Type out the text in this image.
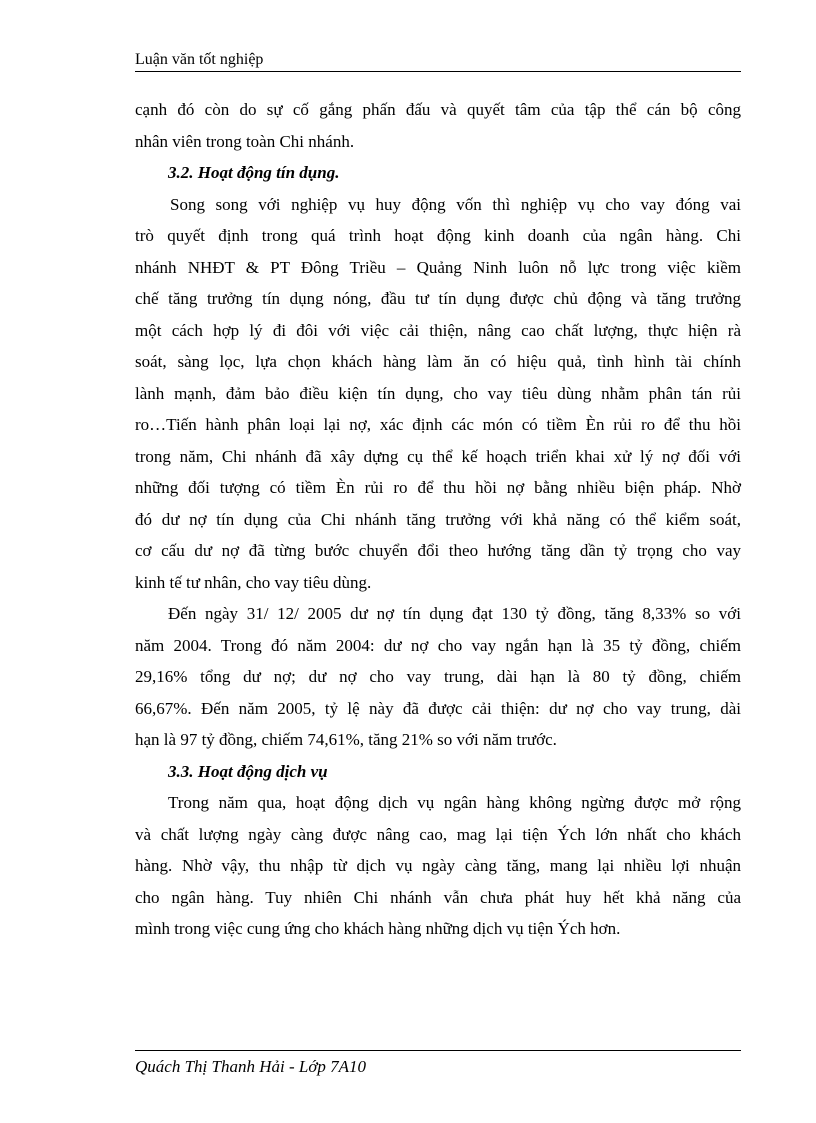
Luận văn tốt nghiệp
cạnh đó còn do sự cố gắng phấn đấu và quyết tâm của tập thể cán bộ công
nhân viên trong toàn Chi nhánh.
3.2. Hoạt động tín dụng.
Song song với nghiệp vụ huy động vốn thì nghiệp vụ cho vay đóng vai
trò quyết định trong quá trình hoạt động kinh doanh của ngân hàng. Chi
nhánh NHĐT & PT Đông Triều – Quảng Ninh luôn nỗ lực trong việc kiềm
chế tăng trưởng tín dụng nóng, đầu tư tín dụng được chủ động và tăng trưởng
một cách hợp lý đi đôi với việc cải thiện, nâng cao chất lượng, thực hiện rà
soát, sàng lọc, lựa chọn khách hàng làm ăn có hiệu quả, tình hình tài chính
lành mạnh, đảm bảo điều kiện tín dụng, cho vay tiêu dùng nhằm phân tán rủi
ro…Tiến hành phân loại lại nợ, xác định các món có tiềm Èn rủi ro để thu hồi
trong năm, Chi nhánh đã xây dựng cụ thể kế hoạch triển khai xử lý nợ đối với
những đối tượng có tiềm Èn rủi ro để thu hồi nợ bằng nhiều biện pháp. Nhờ
đó dư nợ tín dụng của Chi nhánh tăng trưởng với khả năng có thể kiểm soát,
cơ cấu dư nợ đã từng bước chuyển đổi theo hướng tăng dần tỷ trọng cho vay
kinh tế tư nhân, cho vay tiêu dùng.
Đến ngày 31/ 12/ 2005 dư nợ tín dụng đạt 130 tỷ đồng, tăng 8,33% so với
năm 2004. Trong đó năm 2004: dư nợ cho vay ngắn hạn là 35 tỷ đồng, chiếm
29,16% tổng dư nợ; dư nợ cho vay trung, dài hạn là 80 tỷ đồng, chiếm
66,67%. Đến năm 2005, tỷ lệ này đã được cải thiện: dư nợ cho vay trung, dài
hạn là 97 tỷ đồng, chiếm 74,61%, tăng 21% so với năm trước.
3.3. Hoạt động dịch vụ
Trong năm qua, hoạt động dịch vụ ngân hàng không ngừng được mở rộng
và chất lượng ngày càng được nâng cao, mag lại tiện Ých lớn nhất cho khách
hàng. Nhờ vậy, thu nhập từ dịch vụ ngày càng tăng, mang lại nhiều lợi nhuận
cho ngân hàng. Tuy nhiên Chi nhánh vẫn chưa phát huy hết khả năng của
mình trong việc cung ứng cho khách hàng những dịch vụ tiện Ých hơn.
Quách Thị Thanh Hải - Lớp 7A10
